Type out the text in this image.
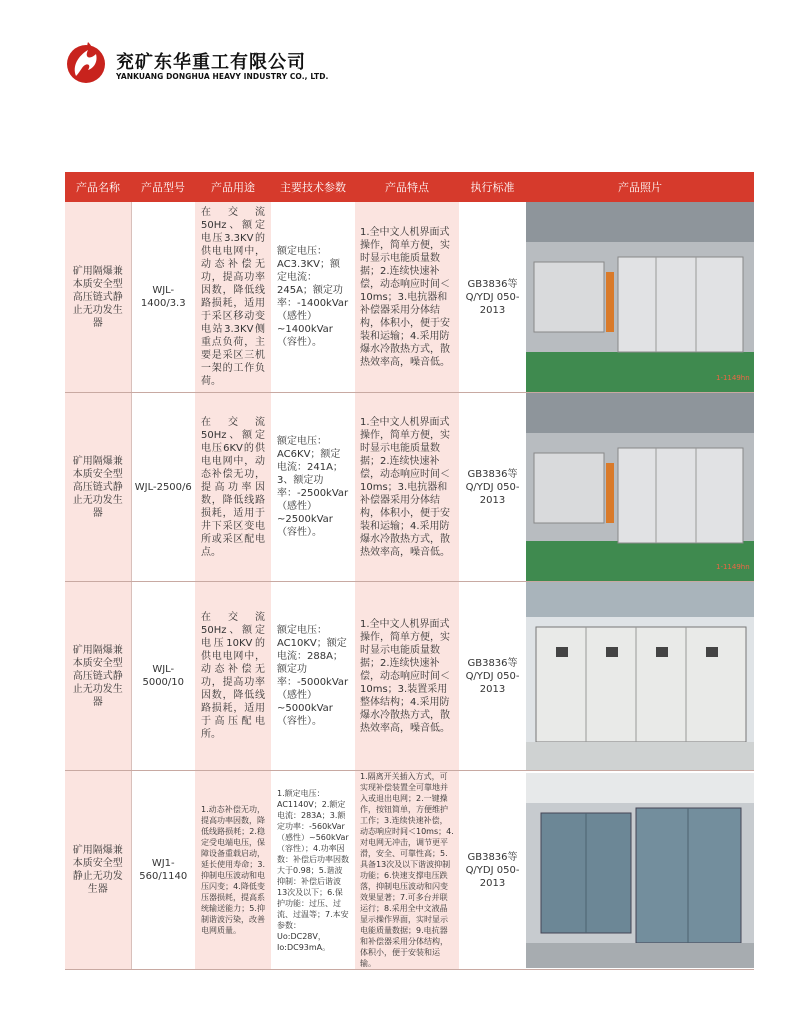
兖矿东华重工有限公司
YANKUANG DONGHUA HEAVY INDUSTRY CO., LTD.
产品名称	产品型号	产品用途	主要技术参数	产品特点	执行标准	产品照片
矿用隔爆兼本质安全型高压链式静止无功发生器	WJL-1400/3.3	在交流50Hz、额定电压3.3KV的供电电网中，动态补偿无功，提高功率因数，降低线路损耗，适用于采区移动变电站3.3KV侧重点负荷，主要是采区三机一架的工作负荷。	额定电压：AC3.3KV；额定电流：245A；额定功率：-1400kVar（感性）~1400kVar（容性）。	1.全中文人机界面式操作，简单方便，实时显示电能质量数据；2.连续快速补偿，动态响应时间＜10ms；3.电抗器和补偿器采用分体结构，体积小，便于安装和运输；4.采用防爆水冷散热方式，散热效率高，噪音低。	GB3836等Q/YDJ 050-2013	1-1149hn

矿用隔爆兼本质安全型高压链式静止无功发生器	WJL-2500/6	在交流50Hz、额定电压6KV的供电电网中，动态补偿无功，提高功率因数，降低线路损耗，适用于井下采区变电所或采区配电点。	额定电压：AC6KV；额定电流：241A；3、额定功率：-2500kVar（感性）~2500kVar（容性）。	1.全中文人机界面式操作，简单方便，实时显示电能质量数据；2.连续快速补偿，动态响应时间＜10ms；3.电抗器和补偿器采用分体结构，体积小，便于安装和运输；4.采用防爆水冷散热方式，散热效率高，噪音低。	GB3836等Q/YDJ 050-2013	1-1149hn

矿用隔爆兼本质安全型高压链式静止无功发生器	WJL-5000/10	在交流50Hz、额定电压10KV的供电电网中，动态补偿无功，提高功率因数，降低线路损耗，适用于高压配电所。	额定电压：AC10KV；额定电流：288A；额定功率：-5000kVar（感性）~5000kVar（容性）。	1.全中文人机界面式操作，简单方便，实时显示电能质量数据；2.连续快速补偿，动态响应时间＜10ms；3.装置采用整体结构；4.采用防爆水冷散热方式，散热效率高，噪音低。	GB3836等Q/YDJ 050-2013	

矿用隔爆兼本质安全型静止无功发生器	WJ1-560/1140	1.动态补偿无功，提高功率因数，降低线路损耗；2.稳定受电端电压，保障设备重载启动，延长使用寿命；3.抑制电压波动和电压闪变；4.降低变压器损耗，提高系统输送能力；5.抑制谐波污染，改善电网质量。	1.额定电压：AC1140V；2.额定电流：283A；3.额定功率：-560kVar（感性）~560kVar（容性）；4.功率因数：补偿后功率因数大于0.98；5.谐波抑制：补偿后谐波13次及以下；6.保护功能：过压、过流、过温等；7.本安参数：Uo:DC28V，Io:DC93mA。	1.隔离开关插入方式，可实现补偿装置全可靠地并入或退出电网；2.一键操作，按钮简单，方便维护工作；3.连续快速补偿，动态响应时间＜10ms；4.对电网无冲击，调节更平滑，安全、可靠性高；5.具备13次及以下谐波抑制功能；6.快速支撑电压跌落，抑制电压波动和闪变效果显著；7.可多台并联运行；8.采用全中文液晶显示操作界面，实时显示电能质量数据；9.电抗器和补偿器采用分体结构，体积小，便于安装和运输。	GB3836等Q/YDJ 050-2013	
